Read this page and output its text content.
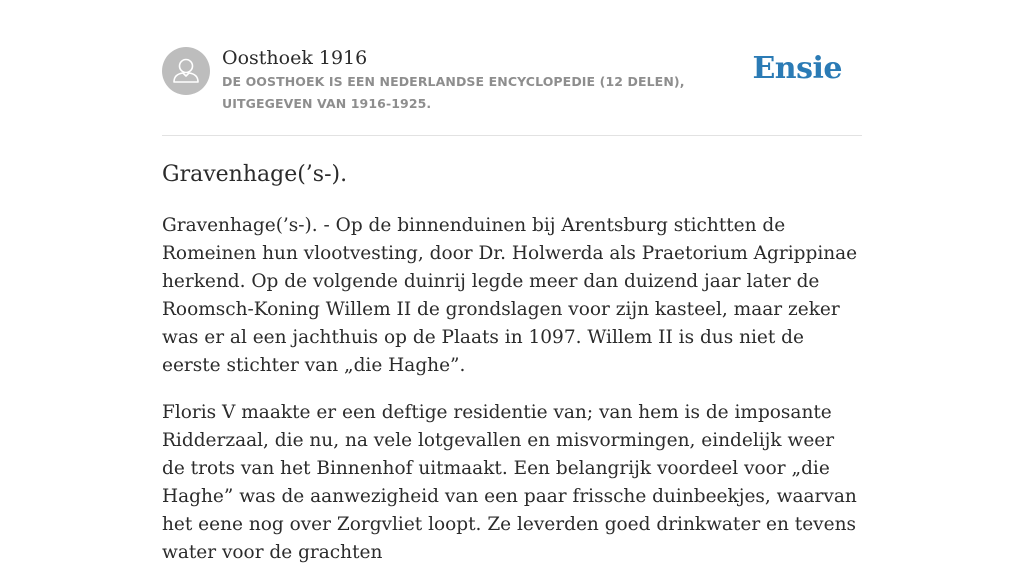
Oosthoek 1916

DE OOSTHOEK IS EEN NEDERLANDSE ENCYCLOPEDIE (12 DELEN), UITGEGEVEN VAN 1916-1925.

Ensie
Gravenhage(’s-).

Gravenhage(’s-). - Op de binnenduinen bij Arentsburg stichtten de Romeinen hun vlootvesting, door Dr. Holwerda als Praetorium Agrippinae herkend. Op de volgende duinrij legde meer dan duizend jaar later de Roomsch-Koning Willem II de grondslagen voor zijn kasteel, maar zeker was er al een jachthuis op de Plaats in 1097. Willem II is dus niet de eerste stichter van „die Haghe”.

Floris V maakte er een deftige residentie van; van hem is de imposante Ridderzaal, die nu, na vele lotgevallen en misvormingen, eindelijk weer de trots van het Binnenhof uitmaakt. Een belangrijk voordeel voor „die Haghe” was de aanwezigheid van een paar frissche duinbeekjes, waarvan het eene nog over Zorgvliet loopt. Ze leverden goed drinkwater en tevens water voor de grachten
